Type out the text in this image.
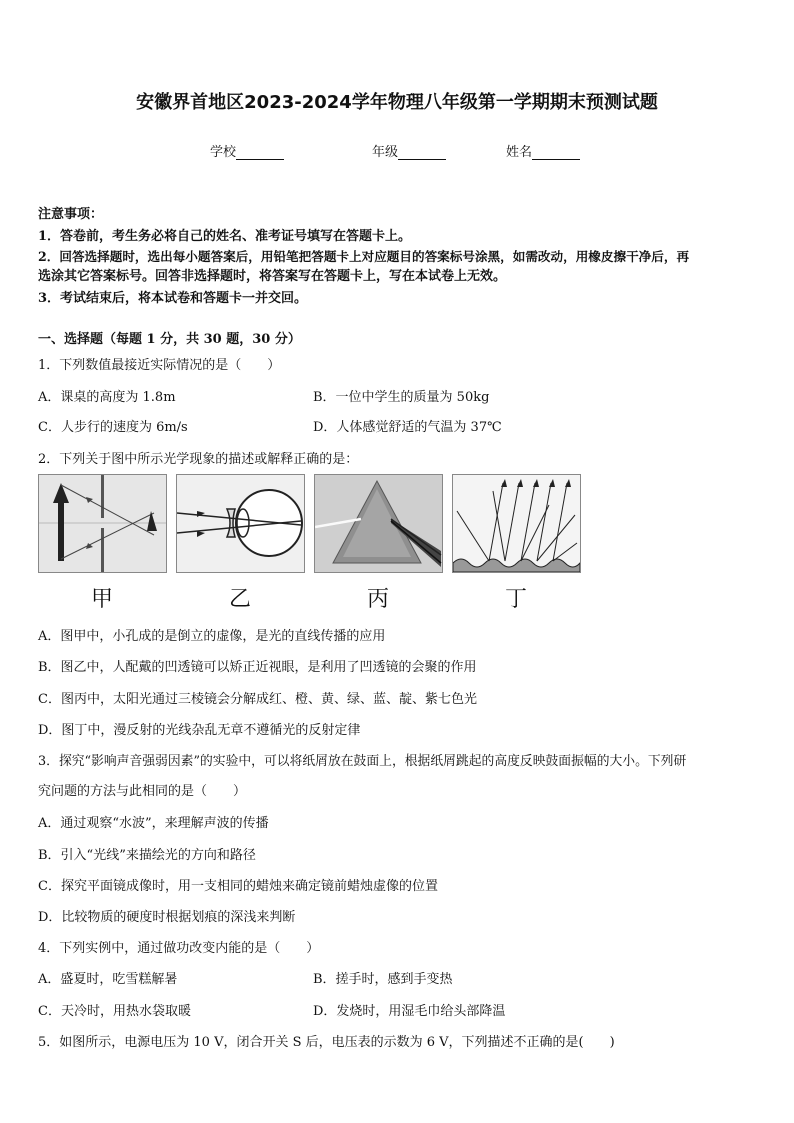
安徽界首地区2023-2024学年物理八年级第一学期期末预测试题
学校	年级	姓名
注意事项：
1．答卷前，考生务必将自己的姓名、准考证号填写在答题卡上。
2．回答选择题时，选出每小题答案后，用铅笔把答题卡上对应题目的答案标号涂黑，如需改动，用橡皮擦干净后，再
选涂其它答案标号。回答非选择题时，将答案写在答题卡上，写在本试卷上无效。
3．考试结束后，将本试卷和答题卡一并交回。
一、选择题（每题 1 分，共 30 题，30 分）
1．下列数值最接近实际情况的是（　　）
A．课桌的高度为 1.8m	B．一位中学生的质量为 50kg
C．人步行的速度为 6m/s	D．人体感觉舒适的气温为 37℃
2．下列关于图中所示光学现象的描述或解释正确的是：
甲	乙	丙	丁
A．图甲中，小孔成的是倒立的虚像，是光的直线传播的应用
B．图乙中，人配戴的凹透镜可以矫正近视眼，是利用了凹透镜的会聚的作用
C．图丙中，太阳光通过三棱镜会分解成红、橙、黄、绿、蓝、靛、紫七色光
D．图丁中，漫反射的光线杂乱无章不遵循光的反射定律
3．探究“影响声音强弱因素”的实验中，可以将纸屑放在鼓面上，根据纸屑跳起的高度反映鼓面振幅的大小。下列研
究问题的方法与此相同的是（　　）
A．通过观察“水波”，来理解声波的传播
B．引入“光线”来描绘光的方向和路径
C．探究平面镜成像时，用一支相同的蜡烛来确定镜前蜡烛虚像的位置
D．比较物质的硬度时根据划痕的深浅来判断
4．下列实例中，通过做功改变内能的是（　　）
A．盛夏时，吃雪糕解暑	B．搓手时，感到手变热
C．天冷时，用热水袋取暖	D．发烧时，用湿毛巾给头部降温
5．如图所示，电源电压为 10 V，闭合开关 S 后，电压表的示数为 6 V，下列描述不正确的是(　　)
